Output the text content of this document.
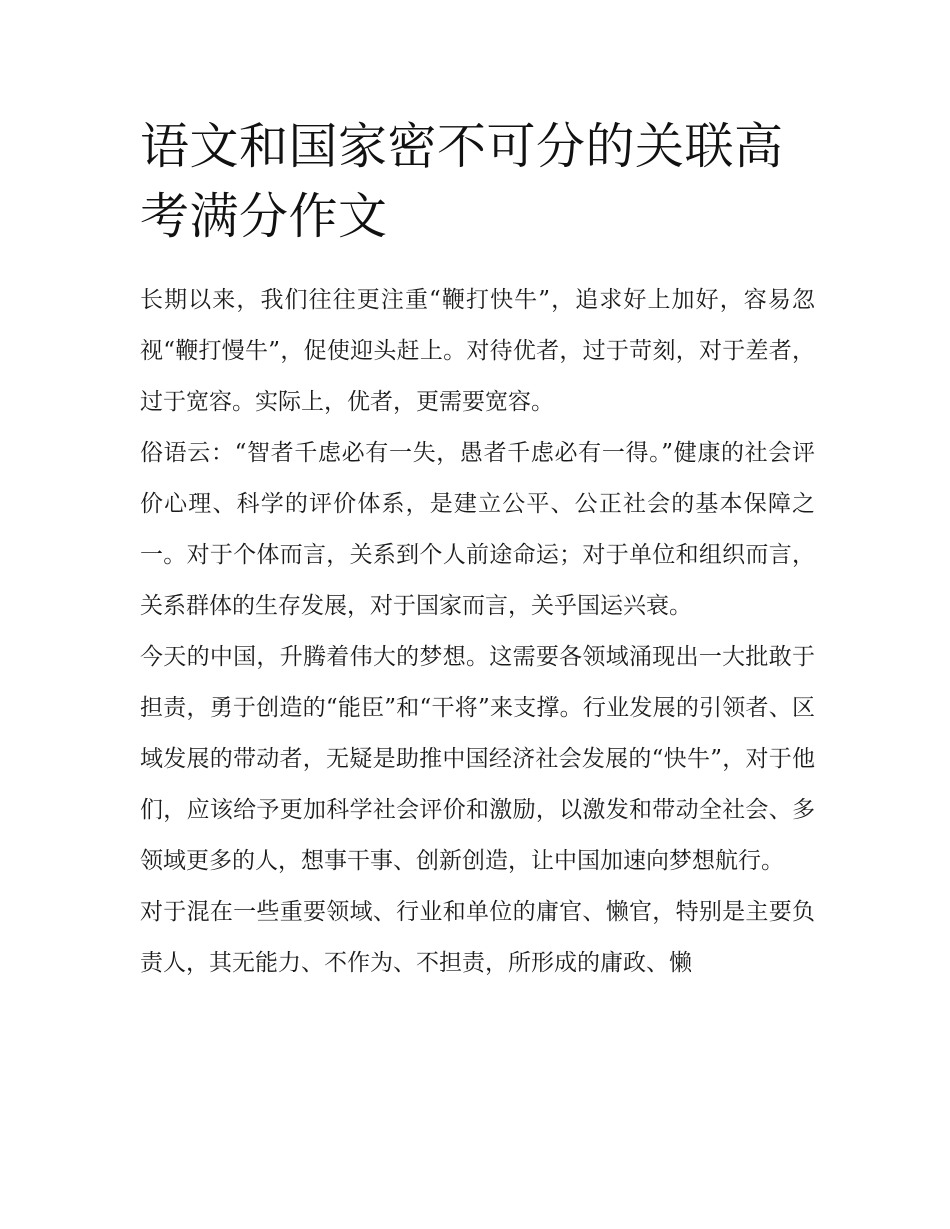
语文和国家密不可分的关联高考满分作文

长期以来，我们往往更注重“鞭打快牛”，追求好上加好，容易忽视“鞭打慢牛”，促使迎头赶上。对待优者，过于苛刻，对于差者，过于宽容。实际上，优者，更需要宽容。

俗语云：“智者千虑必有一失，愚者千虑必有一得。”健康的社会评价心理、科学的评价体系，是建立公平、公正社会的基本保障之一。对于个体而言，关系到个人前途命运；对于单位和组织而言，关系群体的生存发展，对于国家而言，关乎国运兴衰。

今天的中国，升腾着伟大的梦想。这需要各领域涌现出一大批敢于担责，勇于创造的“能臣”和“干将”来支撑。行业发展的引领者、区域发展的带动者，无疑是助推中国经济社会发展的“快牛”，对于他们，应该给予更加科学社会评价和激励，以激发和带动全社会、多领域更多的人，想事干事、创新创造，让中国加速向梦想航行。

对于混在一些重要领域、行业和单位的庸官、懒官，特别是主要负责人，其无能力、不作为、不担责，所形成的庸政、懒
